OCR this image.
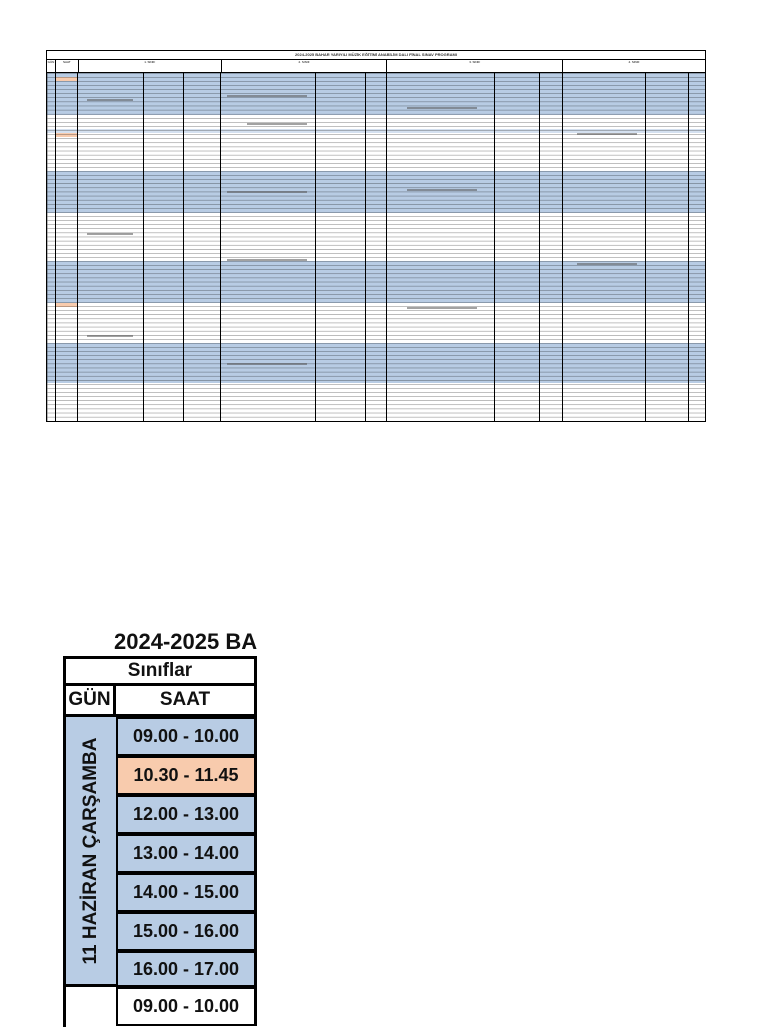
2024-2025 BAHAR YARIYILI MÜZİK EĞİTİMİ ANABİLİM DALI FİNAL SINAV PROGRAMI
GÜN	SAAT	1. SINIF	2. SINIF	3. SINIF	4. SINIF
2024-2025 BA
Sınıflar
GÜN	SAAT
11 HAZİRAN ÇARŞAMBA
09.00 - 10.00
10.30 - 11.45
12.00 - 13.00
13.00 - 14.00
14.00 - 15.00
15.00 - 16.00
16.00 - 17.00
09.00 - 10.00
